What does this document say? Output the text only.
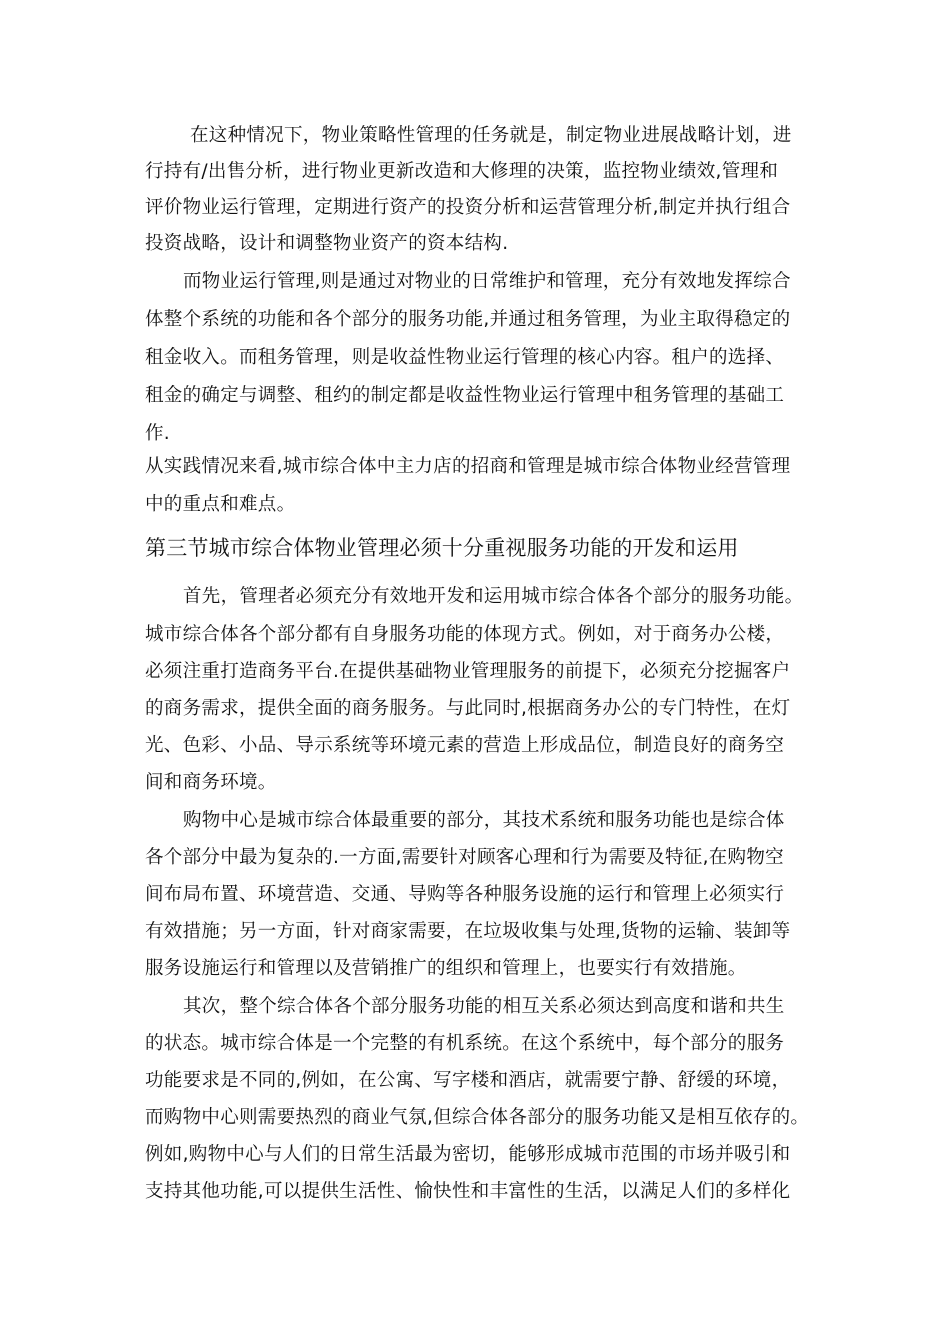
在这种情况下，物业策略性管理的任务就是，制定物业进展战略计划，进
行持有/出售分析，进行物业更新改造和大修理的决策，监控物业绩效,管理和
评价物业运行管理，定期进行资产的投资分析和运营管理分析,制定并执行组合
投资战略，设计和调整物业资产的资本结构.
而物业运行管理,则是通过对物业的日常维护和管理，充分有效地发挥综合
体整个系统的功能和各个部分的服务功能,并通过租务管理，为业主取得稳定的
租金收入。而租务管理，则是收益性物业运行管理的核心内容。租户的选择、
租金的确定与调整、租约的制定都是收益性物业运行管理中租务管理的基础工
作.
从实践情况来看,城市综合体中主力店的招商和管理是城市综合体物业经营管理
中的重点和难点。
第三节城市综合体物业管理必须十分重视服务功能的开发和运用
首先，管理者必须充分有效地开发和运用城市综合体各个部分的服务功能。
城市综合体各个部分都有自身服务功能的体现方式。例如，对于商务办公楼，
必须注重打造商务平台.在提供基础物业管理服务的前提下，必须充分挖掘客户
的商务需求，提供全面的商务服务。与此同时,根据商务办公的专门特性，在灯
光、色彩、小品、导示系统等环境元素的营造上形成品位，制造良好的商务空
间和商务环境。
购物中心是城市综合体最重要的部分，其技术系统和服务功能也是综合体
各个部分中最为复杂的.一方面,需要针对顾客心理和行为需要及特征,在购物空
间布局布置、环境营造、交通、导购等各种服务设施的运行和管理上必须实行
有效措施；另一方面，针对商家需要，在垃圾收集与处理,货物的运输、装卸等
服务设施运行和管理以及营销推广的组织和管理上，也要实行有效措施。
其次，整个综合体各个部分服务功能的相互关系必须达到高度和谐和共生
的状态。城市综合体是一个完整的有机系统。在这个系统中，每个部分的服务
功能要求是不同的,例如，在公寓、写字楼和酒店，就需要宁静、舒缓的环境，
而购物中心则需要热烈的商业气氛,但综合体各部分的服务功能又是相互依存的。
例如,购物中心与人们的日常生活最为密切，能够形成城市范围的市场并吸引和
支持其他功能,可以提供生活性、愉快性和丰富性的生活，以满足人们的多样化
